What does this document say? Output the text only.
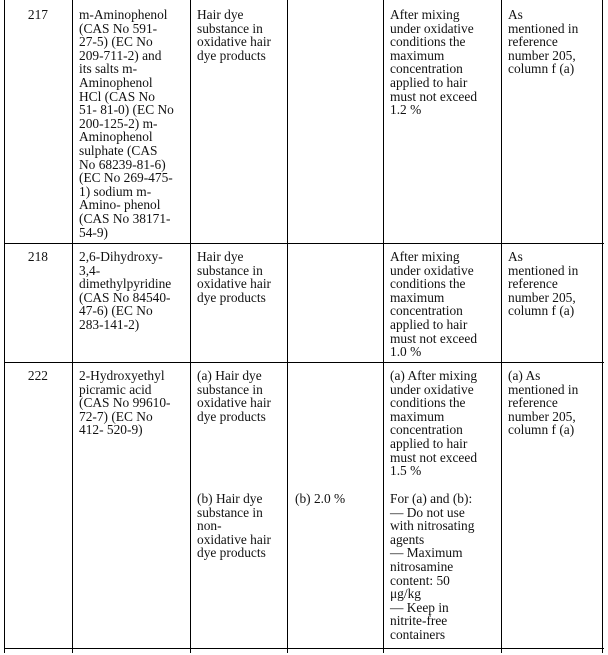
217 m-Aminophenol
(CAS No 591-
27-5) (EC No
209-711-2) and
its salts m-
Aminophenol
HCl (CAS No
51- 81-0) (EC No
200-125-2) m-
Aminophenol
sulphate (CAS
No 68239-81-6)
(EC No 269-475-
1) sodium m-
Amino- phenol
(CAS No 38171-
54-9)
Hair dye
substance in
oxidative hair
dye products
After mixing
under oxidative
conditions the
maximum
concentration
applied to hair
must not exceed
1.2 %
As
mentioned in
reference
number 205,
column f (a)
218 2,6-Dihydroxy-
3,4-
dimethylpyridine
(CAS No 84540-
47-6) (EC No
283-141-2)
Hair dye
substance in
oxidative hair
dye products
After mixing
under oxidative
conditions the
maximum
concentration
applied to hair
must not exceed
1.0 %
As
mentioned in
reference
number 205,
column f (a)
222 2-Hydroxyethyl
picramic acid
(CAS No 99610-
72-7) (EC No
412- 520-9)
(a) Hair dye
substance in
oxidative hair
dye products
(a) After mixing
under oxidative
conditions the
maximum
concentration
applied to hair
must not exceed
1.5 %
(a) As
mentioned in
reference
number 205,
column f (a)
(b) Hair dye
substance in
non-
oxidative hair
dye products
(b) 2.0 %	For (a) and (b):
— Do not use
with nitrosating
agents
— Maximum
nitrosamine
content: 50
μg/kg
— Keep in
nitrite-free
containers
